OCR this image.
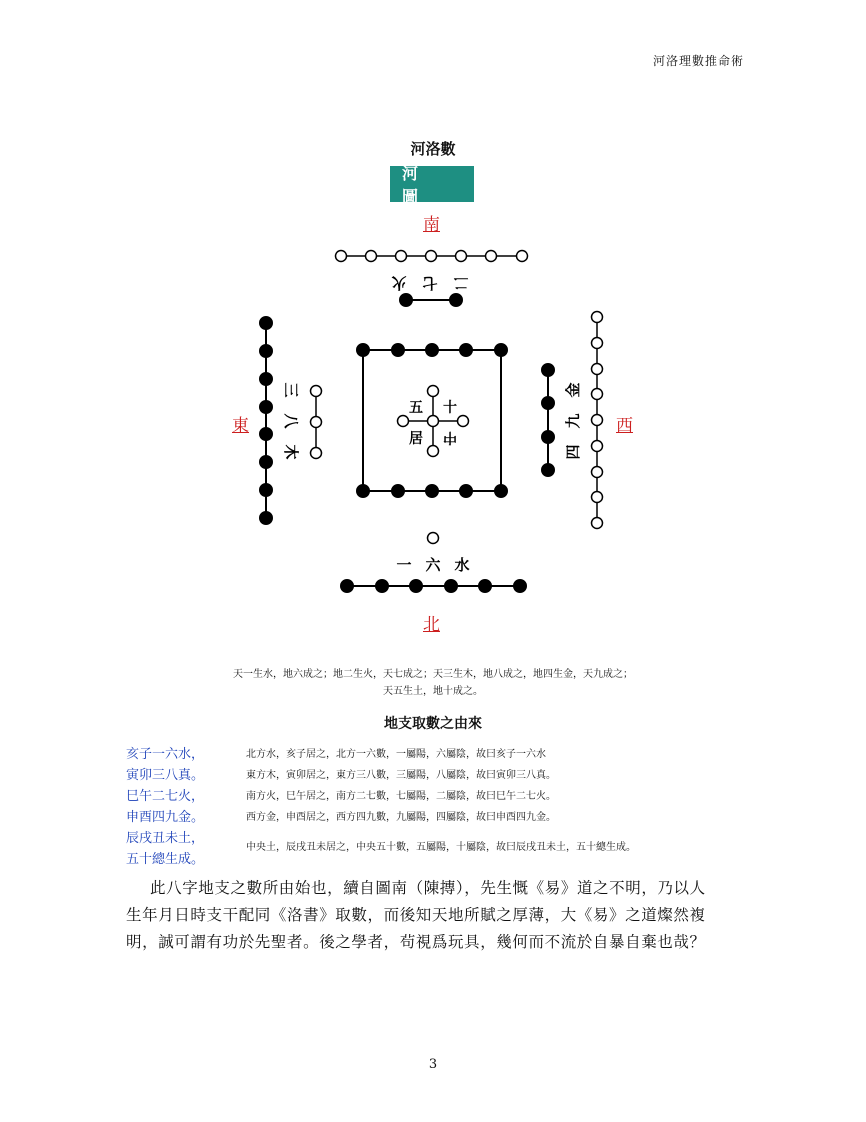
河洛理數推命術
河洛數
河 圖
南
北
東	西
二
七
火
一 六 水
三
八
木	四
九
金
五 十
居 中
天一生水，地六成之；地二生火，天七成之；天三生木，地八成之，地四生金，天九成之；
天五生土，地十成之。
地支取數之由來
亥子一六水，	北方水，亥子居之，北方一六數，一屬陽，六屬陰，故曰亥子一六水
寅卯三八真。	東方木，寅卯居之，東方三八數，三屬陽，八屬陰，故曰寅卯三八真。
巳午二七火，	南方火，巳午居之，南方二七數，七屬陽，二屬陰，故曰巳午二七火。
申酉四九金。	西方金，申酉居之，西方四九數，九屬陽，四屬陰，故曰申酉四九金。
辰戌丑未土，
五十總生成。
中央土，辰戌丑未居之，中央五十數，五屬陽，十屬陰，故曰辰戌丑未土，五十總生成。
此八字地支之數所由始也，續自圖南（陳摶），先生慨《易》道之不明，乃以人
生年月日時支干配同《洛書》取數，而後知天地所賦之厚薄，大《易》之道燦然複
明，誠可謂有功於先聖者。後之學者，茍視爲玩具，幾何而不流於自暴自棄也哉？
3
